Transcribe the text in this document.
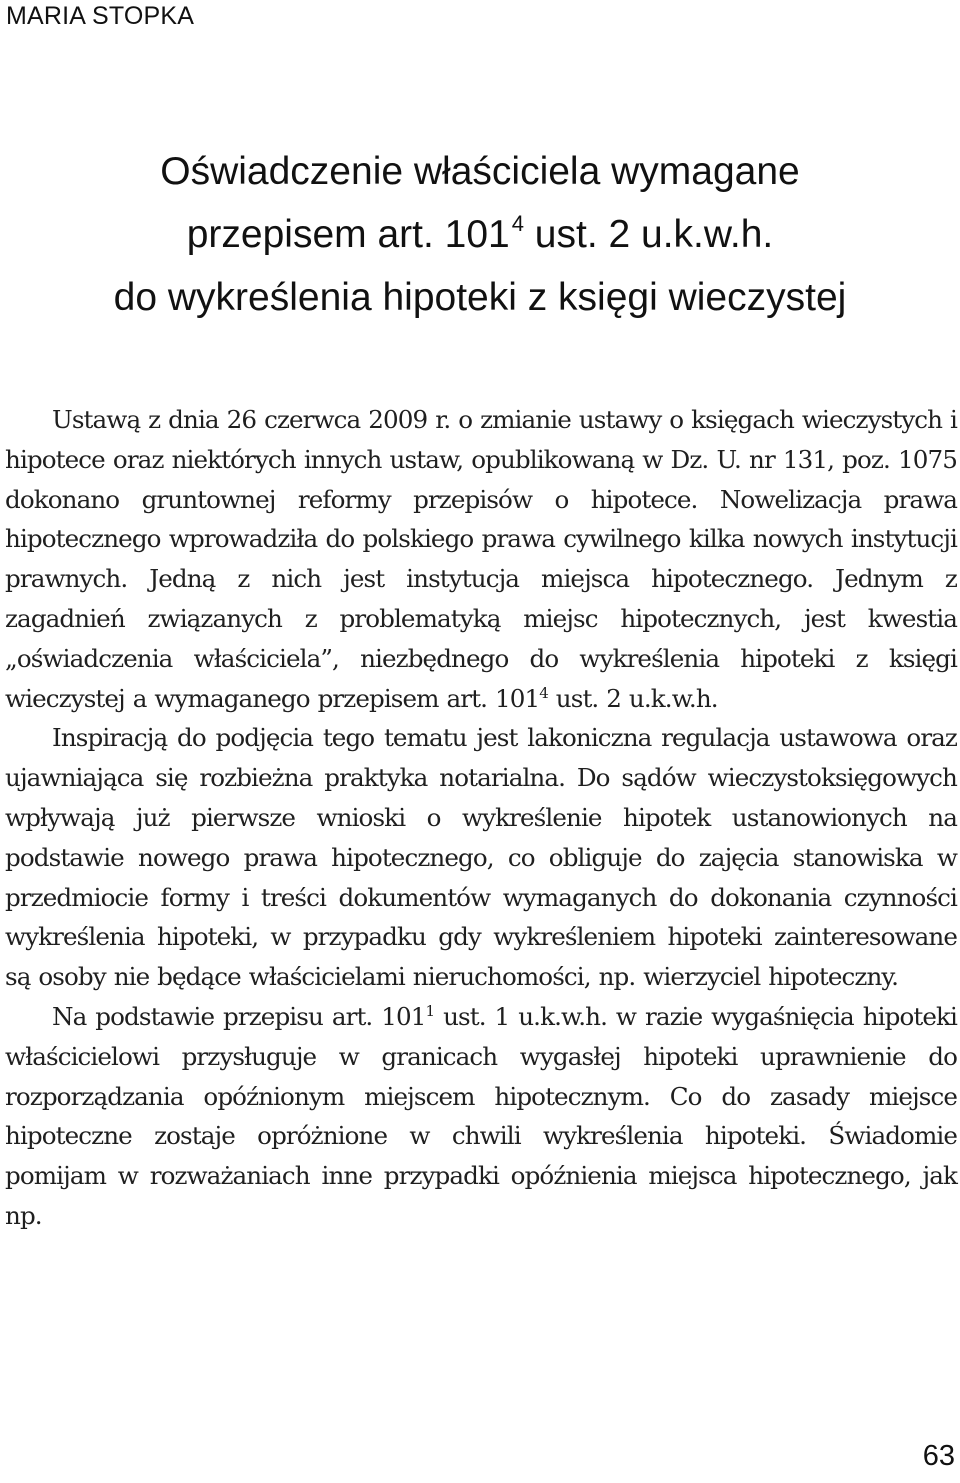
MARIA STOPKA
Oświadczenie właściciela wymagane
przepisem art. $101^4$ ust. 2 u.k.w.h.
do wykreślenia hipoteki z księgi wieczystej

Ustawą z dnia 26 czerwca 2009 r. o zmianie ustawy o księgach wieczystych i hipotece oraz niektórych innych ustaw, opublikowaną w Dz. U. nr 131, poz. 1075 dokonano gruntownej reformy przepisów o hipotece. Nowelizacja prawa hipotecznego wprowadziła do polskiego prawa cywilnego kilka nowych instytucji prawnych. Jedną z nich jest instytucja miejsca hipotecznego. Jednym z zagadnień związanych z problematyką miejsc hipotecznych, jest kwestia „oświadczenia właściciela”, niezbędnego do wykreślenia hipoteki z księgi wieczystej a wymaganego przepisem art. $101^4$ ust. 2 u.k.w.h.

Inspiracją do podjęcia tego tematu jest lakoniczna regulacja ustawowa oraz ujawniająca się rozbieżna praktyka notarialna. Do sądów wieczystoksięgowych wpływają już pierwsze wnioski o wykreślenie hipotek ustanowionych na podstawie nowego prawa hipotecznego, co obliguje do zajęcia stanowiska w przedmiocie formy i treści dokumentów wymaganych do dokonania czynności wykreślenia hipoteki, w przypadku gdy wykreśleniem hipoteki zainteresowane są osoby nie będące właścicielami nieruchomości, np. wierzyciel hipoteczny.

Na podstawie przepisu art. $101^1$ ust. 1 u.k.w.h. w razie wygaśnięcia hipoteki właścicielowi przysługuje w granicach wygasłej hipoteki uprawnienie do rozporządzania opóźnionym miejscem hipotecznym. Co do zasady miejsce hipoteczne zostaje opróżnione w chwili wykreślenia hipoteki. Świadomie pomijam w rozważaniach inne przypadki opóźnienia miejsca hipotecznego, jak np.

63
